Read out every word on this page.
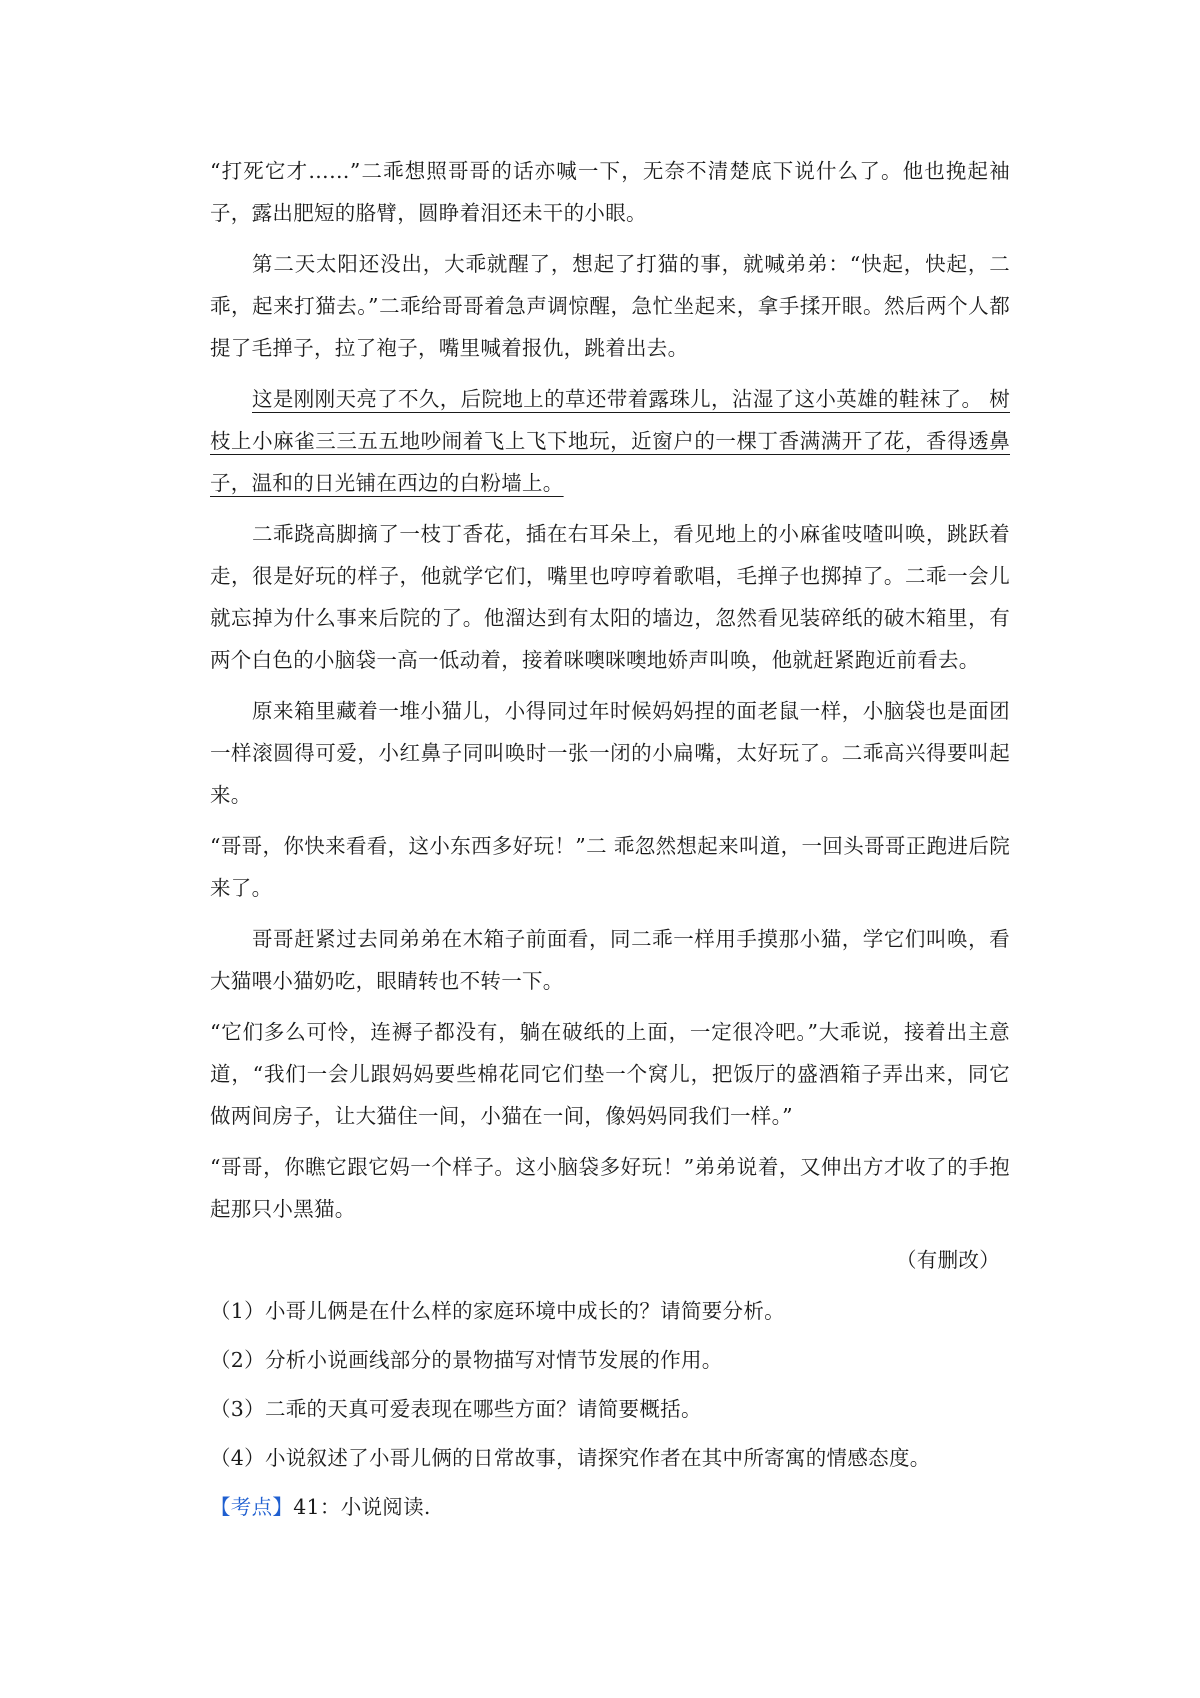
“打死它才……”二乖想照哥哥的话亦喊一下，无奈不清楚底下说什么了。他也挽起袖子，露出肥短的胳臂，圆睁着泪还未干的小眼。

第二天太阳还没出，大乖就醒了，想起了打猫的事，就喊弟弟：“快起，快起，二乖，起来打猫去。”二乖给哥哥着急声调惊醒，急忙坐起来，拿手揉开眼。然后两个人都提了毛掸子，拉了袍子，嘴里喊着报仇，跳着出去。

这是刚刚天亮了不久，后院地上的草还带着露珠儿，沾湿了这小英雄的鞋袜了。 树枝上小麻雀三三五五地吵闹着飞上飞下地玩，近窗户的一棵丁香满满开了花，香得透鼻子，温和的日光铺在西边的白粉墙上。

二乖跷高脚摘了一枝丁香花，插在右耳朵上，看见地上的小麻雀吱喳叫唤，跳跃着走，很是好玩的样子，他就学它们，嘴里也哼哼着歌唱，毛掸子也掷掉了。二乖一会儿就忘掉为什么事来后院的了。他溜达到有太阳的墙边，忽然看见装碎纸的破木箱里，有两个白色的小脑袋一高一低动着，接着咪噢咪噢地娇声叫唤，他就赶紧跑近前看去。

原来箱里藏着一堆小猫儿，小得同过年时候妈妈捏的面老鼠一样，小脑袋也是面团一样滚圆得可爱，小红鼻子同叫唤时一张一闭的小扁嘴，太好玩了。二乖高兴得要叫起来。

“哥哥，你快来看看，这小东西多好玩！”二 乖忽然想起来叫道，一回头哥哥正跑进后院来了。

哥哥赶紧过去同弟弟在木箱子前面看，同二乖一样用手摸那小猫，学它们叫唤，看大猫喂小猫奶吃，眼睛转也不转一下。

“它们多么可怜，连褥子都没有，躺在破纸的上面，一定很冷吧。”大乖说，接着出主意道，“我们一会儿跟妈妈要些棉花同它们垫一个窝儿，把饭厅的盛酒箱子弄出来，同它做两间房子，让大猫住一间，小猫在一间，像妈妈同我们一样。”

“哥哥，你瞧它跟它妈一个样子。这小脑袋多好玩！”弟弟说着，又伸出方才收了的手抱起那只小黑猫。

（有删改）

（1）小哥儿俩是在什么样的家庭环境中成长的？请简要分析。

（2）分析小说画线部分的景物描写对情节发展的作用。

（3）二乖的天真可爱表现在哪些方面？请简要概括。

（4）小说叙述了小哥儿俩的日常故事，请探究作者在其中所寄寓的情感态度。

【考点】41：小说阅读.
